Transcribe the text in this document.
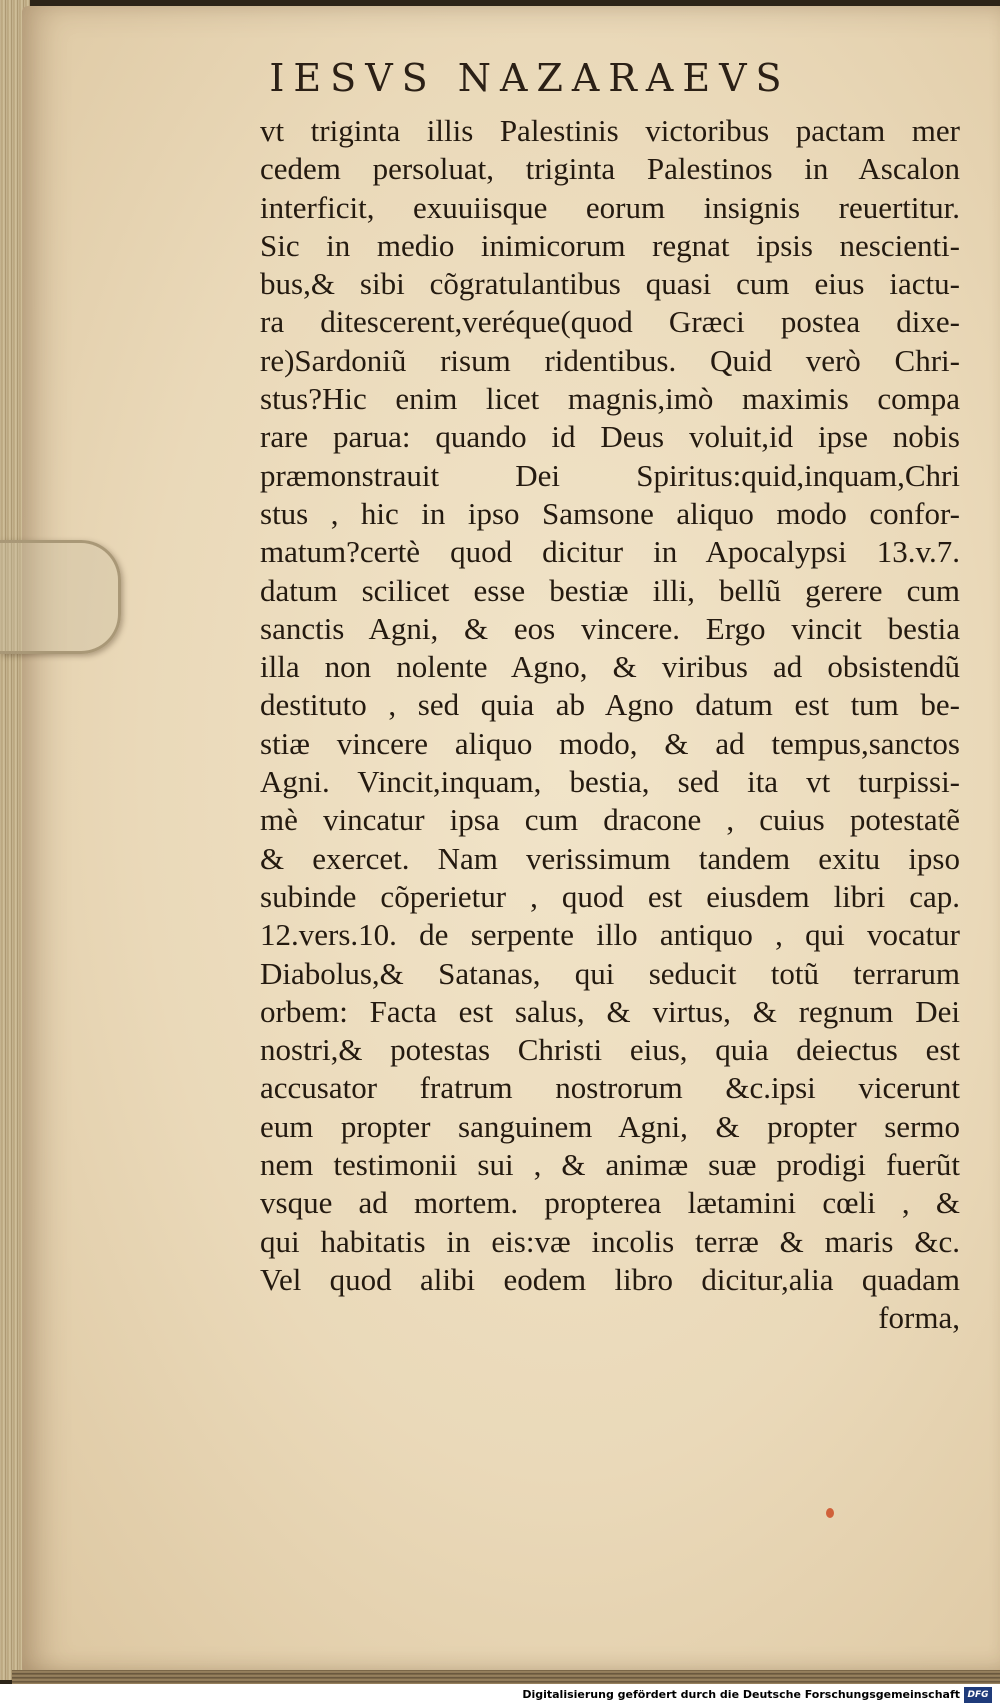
IESVS NAZARAEVS
vt triginta illis Palestinis victoribus pactam mer
cedem persoluat, triginta Palestinos in Ascalon
interficit, exuuiisque eorum insignis reuertitur.
Sic in medio inimicorum regnat ipsis nescienti-
bus,& sibi cõgratulantibus quasi cum eius iactu-
ra ditescerent,veréque(quod Græci postea dixe-
re)Sardoniũ risum ridentibus. Quid verò Chri-
stus?Hic enim licet magnis,imò maximis compa
rare parua: quando id Deus voluit,id ipse nobis
præmonstrauit Dei Spiritus:quid,inquam,Chri
stus , hic in ipso Samsone aliquo modo confor-
matum?certè quod dicitur in Apocalypsi 13.v.7.
datum scilicet esse bestiæ illi, bellũ gerere cum
sanctis Agni, & eos vincere. Ergo vincit bestia
illa non nolente Agno, & viribus ad obsistendũ
destituto , sed quia ab Agno datum est tum be-
stiæ vincere aliquo modo, & ad tempus,sanctos
Agni. Vincit,inquam, bestia, sed ita vt turpissi-
mè vincatur ipsa cum dracone , cuius potestatẽ
& exercet. Nam verissimum tandem exitu ipso
subinde cõperietur , quod est eiusdem libri cap.
12.vers.10. de serpente illo antiquo , qui vocatur
Diabolus,& Satanas, qui seducit totũ terrarum
orbem: Facta est salus, & virtus, & regnum Dei
nostri,& potestas Christi eius, quia deiectus est
accusator fratrum nostrorum &c.ipsi vicerunt
eum propter sanguinem Agni, & propter sermo
nem testimonii sui , & animæ suæ prodigi fuerũt
vsque ad mortem. propterea lætamini cœli , &
qui habitatis in eis:væ incolis terræ & maris &c.
Vel quod alibi eodem libro dicitur,alia quadam
forma,
Digitalisierung gefördert durch die Deutsche Forschungsgemeinschaft DFG
